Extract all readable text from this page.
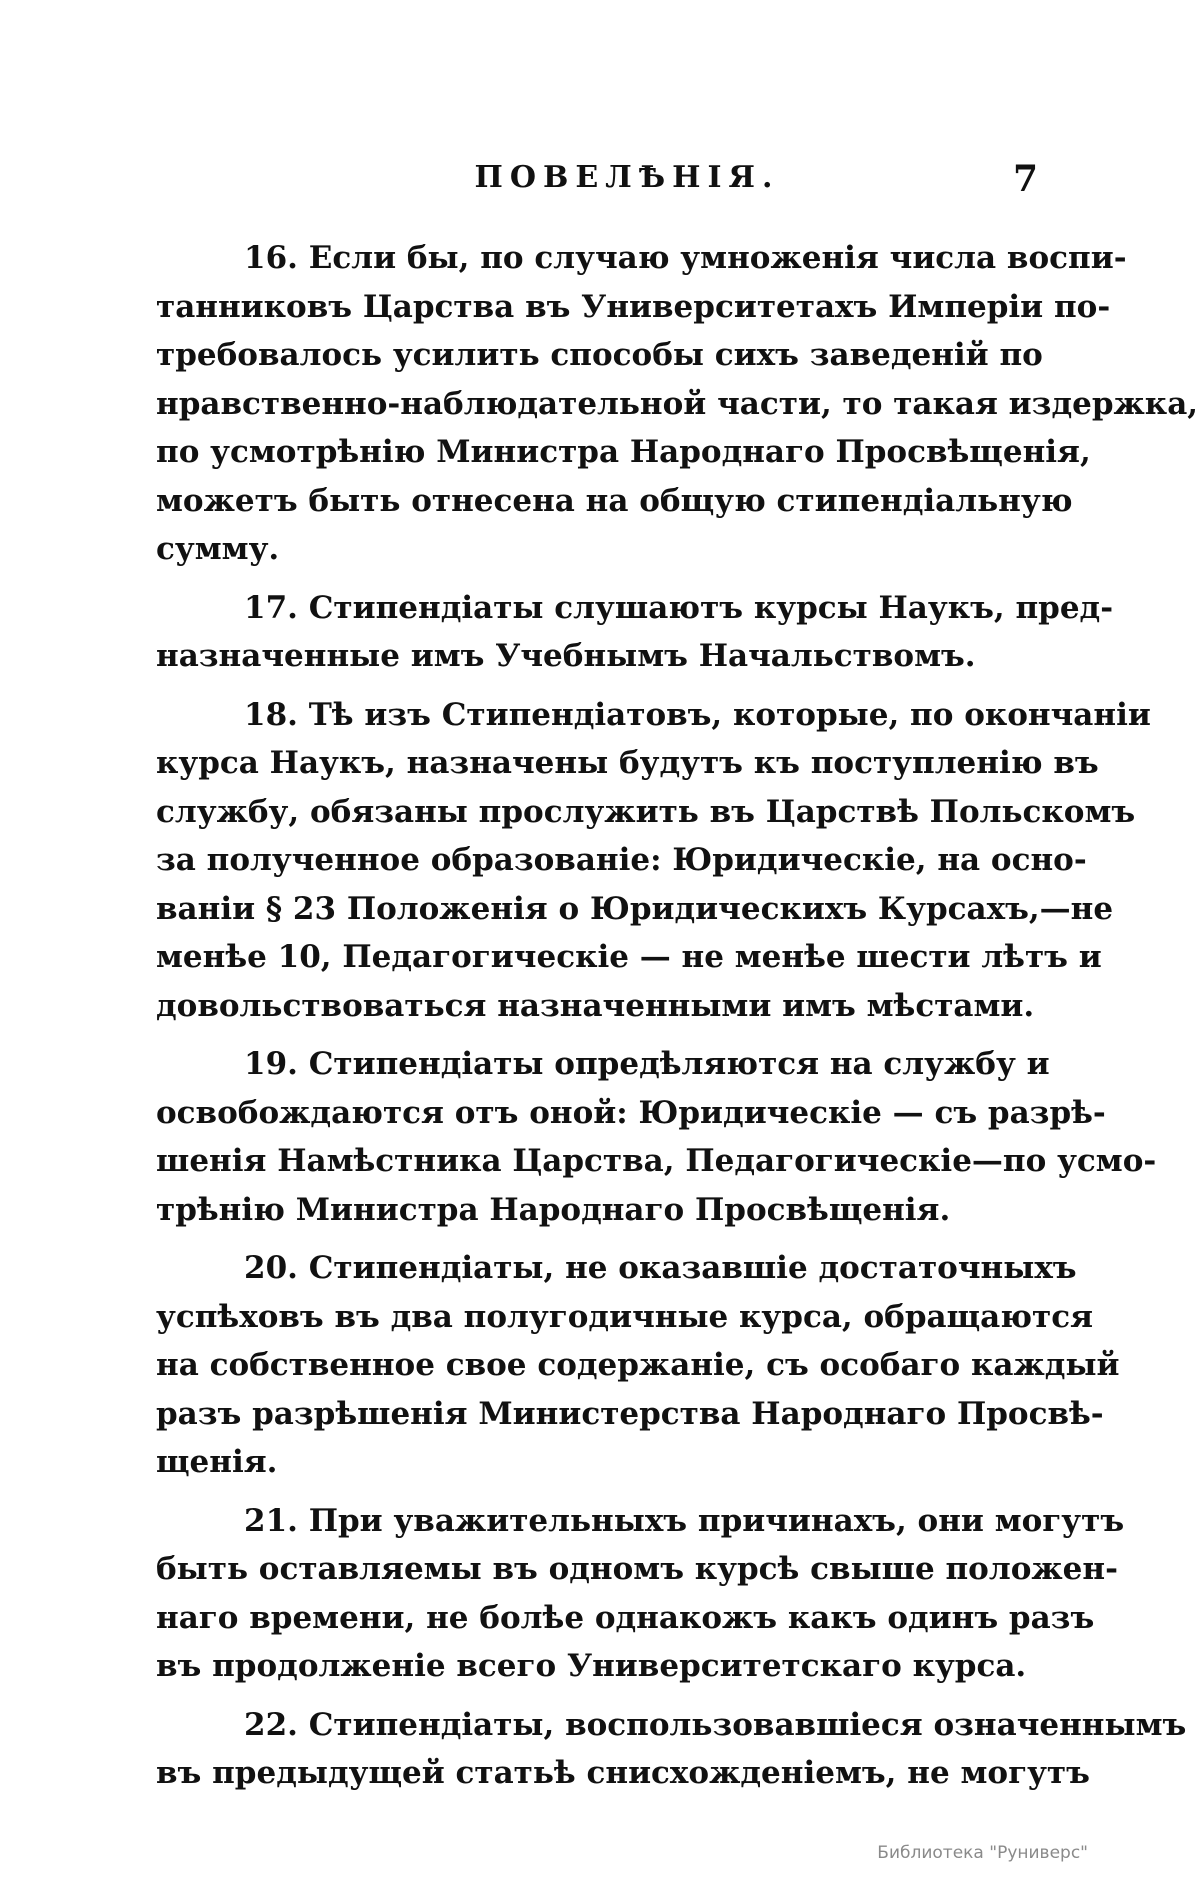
ПОВЕЛѢНІЯ.	7

16. Если бы, по случаю умноженія числа воспи-
танниковъ Царства въ Университетахъ Имперіи по-
требовалось усилить способы сихъ заведеній по
нравственно-наблюдательной части, то такая издержка,
по усмотрѣнію Министра Народнаго Просвѣщенія,
можетъ быть отнесена на общую стипендіальную
сумму.

17. Стипендіаты слушаютъ курсы Наукъ, пред-
назначенные имъ Учебнымъ Начальствомъ.

18. Тѣ изъ Стипендіатовъ, которые, по окончаніи
курса Наукъ, назначены будутъ къ поступленію въ
службу, обязаны прослужить въ Царствѣ Польскомъ
за полученное образованіе: Юридическіе, на осно-
ваніи § 23 Положенія о Юридическихъ Курсахъ,—не
менѣе 10, Педагогическіе — не менѣе шести лѣтъ и
довольствоваться назначенными имъ мѣстами.

19. Стипендіаты опредѣляются на службу и
освобождаются отъ оной: Юридическіе — съ разрѣ-
шенія Намѣстника Царства, Педагогическіе—по усмо-
трѣнію Министра Народнаго Просвѣщенія.

20. Стипендіаты, не оказавшіе достаточныхъ
успѣховъ въ два полугодичные курса, обращаются
на собственное свое содержаніе, съ особаго каждый
разъ разрѣшенія Министерства Народнаго Просвѣ-
щенія.

21. При уважительныхъ причинахъ, они могутъ
быть оставляемы въ одномъ курсѣ свыше положен-
наго времени, не болѣе однакожъ какъ одинъ разъ
въ продолженіе всего Университетскаго курса.

22. Стипендіаты, воспользовавшіеся означеннымъ
въ предыдущей статьѣ снисхожденіемъ, не могутъ

Библиотека "Руниверс"
